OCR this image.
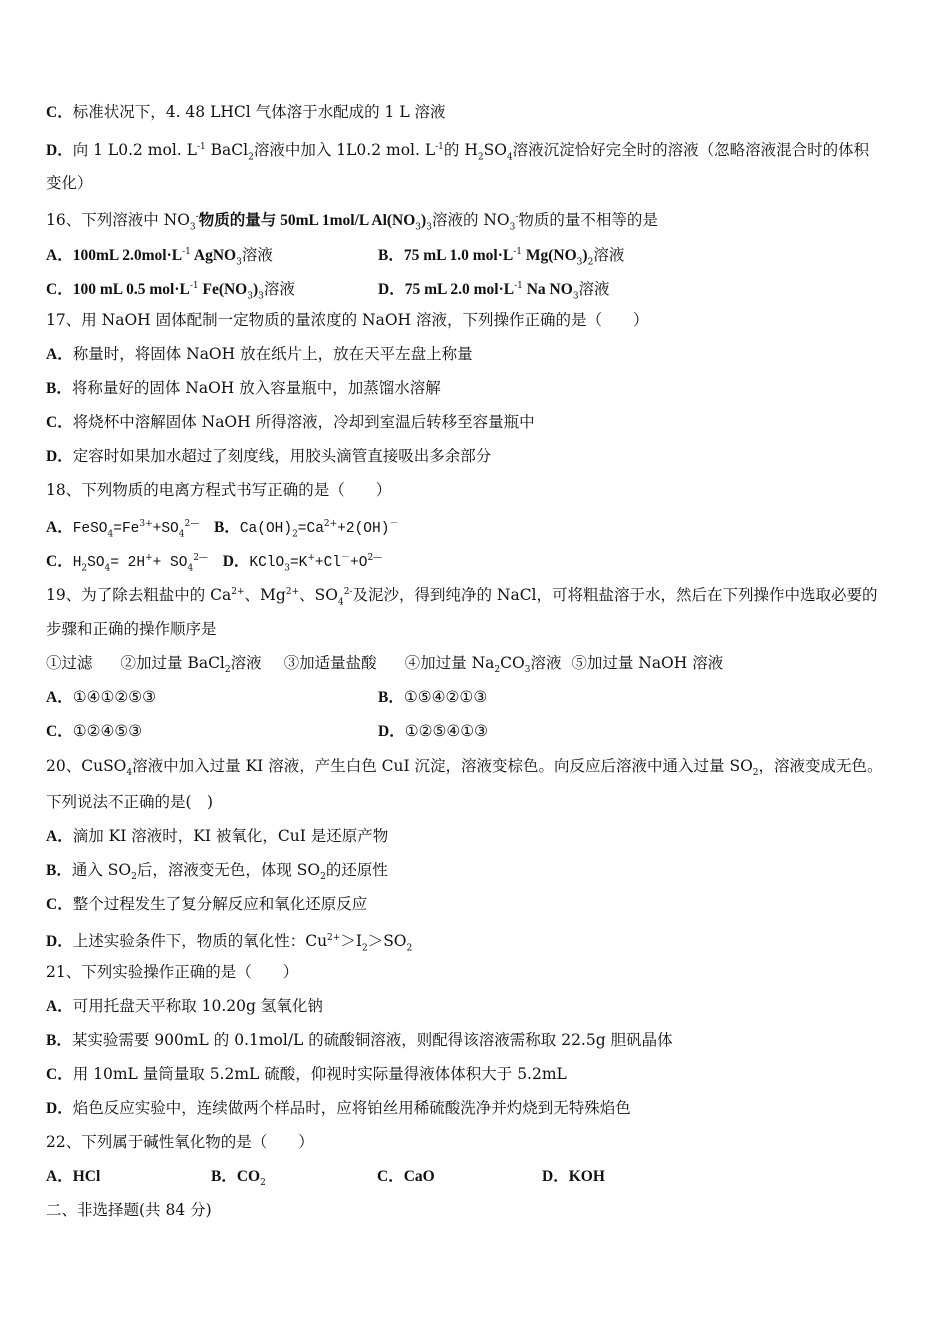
C．标准状况下，4. 48 LHCl 气体溶于水配成的 1 L 溶液
D．向 1 L0.2 mol. $L^{-1}$ BaCl$_2$溶液中加入 1L0.2 mol. $L^{-1}$的 $H_2SO_4$溶液沉淀恰好完全时的溶液（忽略溶液混合时的体积
变化）
16、下列溶液中 $NO_3^-$物质的量与 50mL 1mol/L $Al(NO_3)_3$溶液的 $NO_3^-$物质的量不相等的是
A．100mL $2.0mol\cdot L^{-1}$ AgNO$_3$溶液	B．75 mL 1.0 $mol\cdot L^{-1}$ $Mg(NO_3)_2$溶液
C．100 mL 0.5 $mol\cdot L^{-1}$ $Fe(NO_3)_3$溶液	D．75 mL 2.0 $mol\cdot L^{-1}$ Na $NO_3$溶液
17、用 NaOH 固体配制一定物质的量浓度的 NaOH 溶液，下列操作正确的是（　　）
A．称量时，将固体 NaOH 放在纸片上，放在天平左盘上称量
B．将称量好的固体 NaOH 放入容量瓶中，加蒸馏水溶解
C．将烧杯中溶解固体 NaOH 所得溶液，冷却到室温后转移至容量瓶中
D．定容时如果加水超过了刻度线，用胶头滴管直接吸出多余部分
18、下列物质的电离方程式书写正确的是（　　）
A．$FeSO_4=Fe^{3+}+SO_4^{2—}$ B．$Ca(OH)_2=Ca^{2+}+2(OH)^-$
C．$H_2SO_4= 2H^++ SO_4^{2—}$ D．$KClO_3=K^++Cl^-+O^{2—}$
19、为了除去粗盐中的 $Ca^{2+}$、$Mg^{2+}$、$SO_4^{2-}$及泥沙，得到纯净的 NaCl，可将粗盐溶于水，然后在下列操作中选取必要的
步骤和正确的操作顺序是
①过滤 ②加过量 BaCl$_2$溶液 ③加适量盐酸 ④加过量 $Na_2CO_3$溶液 ⑤加过量 NaOH 溶液
A．①④①②⑤③	B．①⑤④②①③
C．①②④⑤③	D．①②⑤④①③
20、CuSO$_4$溶液中加入过量 KI 溶液，产生白色 CuI 沉淀，溶液变棕色。向反应后溶液中通入过量 $SO_2$，溶液变成无色。
下列说法不正确的是(　)
A．滴加 KI 溶液时，KI 被氧化，CuI 是还原产物
B．通入 $SO_2$后，溶液变无色，体现 $SO_2$的还原性
C．整个过程发生了复分解反应和氧化还原反应
D．上述实验条件下，物质的氧化性：$Cu^{2+}>I_2>SO_2$
21、下列实验操作正确的是（　　）
A．可用托盘天平称取 10.20g 氢氧化钠
B．某实验需要 900mL 的 0.1mol/L 的硫酸铜溶液，则配得该溶液需称取 22.5g 胆矾晶体
C．用 10mL 量筒量取 5.2mL 硫酸，仰视时实际量得液体体积大于 5.2mL
D．焰色反应实验中，连续做两个样品时，应将铂丝用稀硫酸洗净并灼烧到无特殊焰色
22、下列属于碱性氧化物的是（　　）
A．HCl	B．$CO_2$	C．CaO	D．KOH
二、非选择题(共 84 分)
